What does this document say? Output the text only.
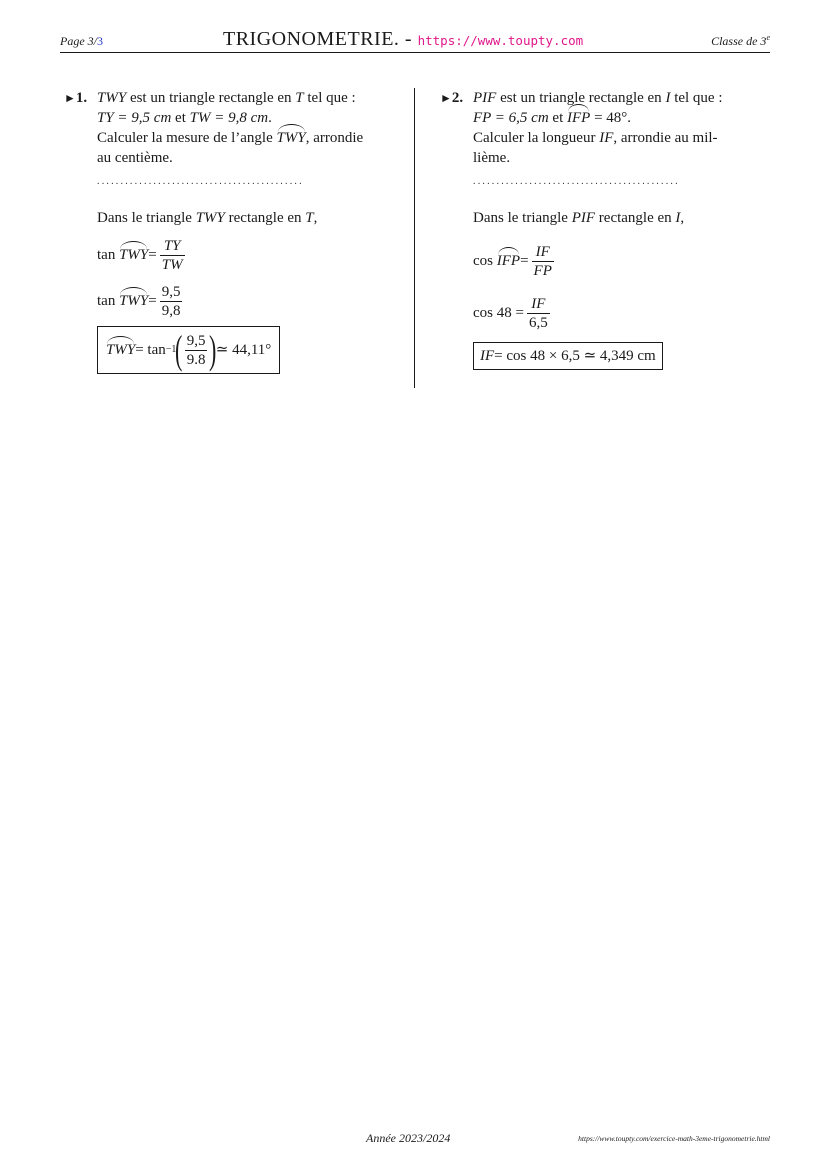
Page 3/3	TRIGONOMETRIE. - https://www.toupty.com	Classe de 3e
►1. TWY est un triangle rectangle en T tel que :
TY = 9,5 cm et TW = 9,8 cm.
Calculer la mesure de l’angle TWY, arrondie
au centième.
............................................

Dans le triangle TWY rectangle en T,

tan
TWY = $\frac{TY}{TW}$
tan
TWY = $\frac{9,5}{9,8}$
TWY = tan −1
( $\frac{9,5}{9.8}$ )
≃ 44,11°
►2. PIF est un triangle rectangle en I tel que :
FP = 6,5 cm et IFP = 48°.
Calculer la longueur IF, arrondie au mil-
lième.
............................................

Dans le triangle PIF rectangle en I,

cos
IFP = $\frac{IF}{FP}$
$\cos 48 = \frac{IF}{6,5}$
IF = cos 48 × 6,5 ≃ 4,349 cm
Année 2023/2024	https://www.toupty.com/exercice-math-3eme-trigonometrie.html
